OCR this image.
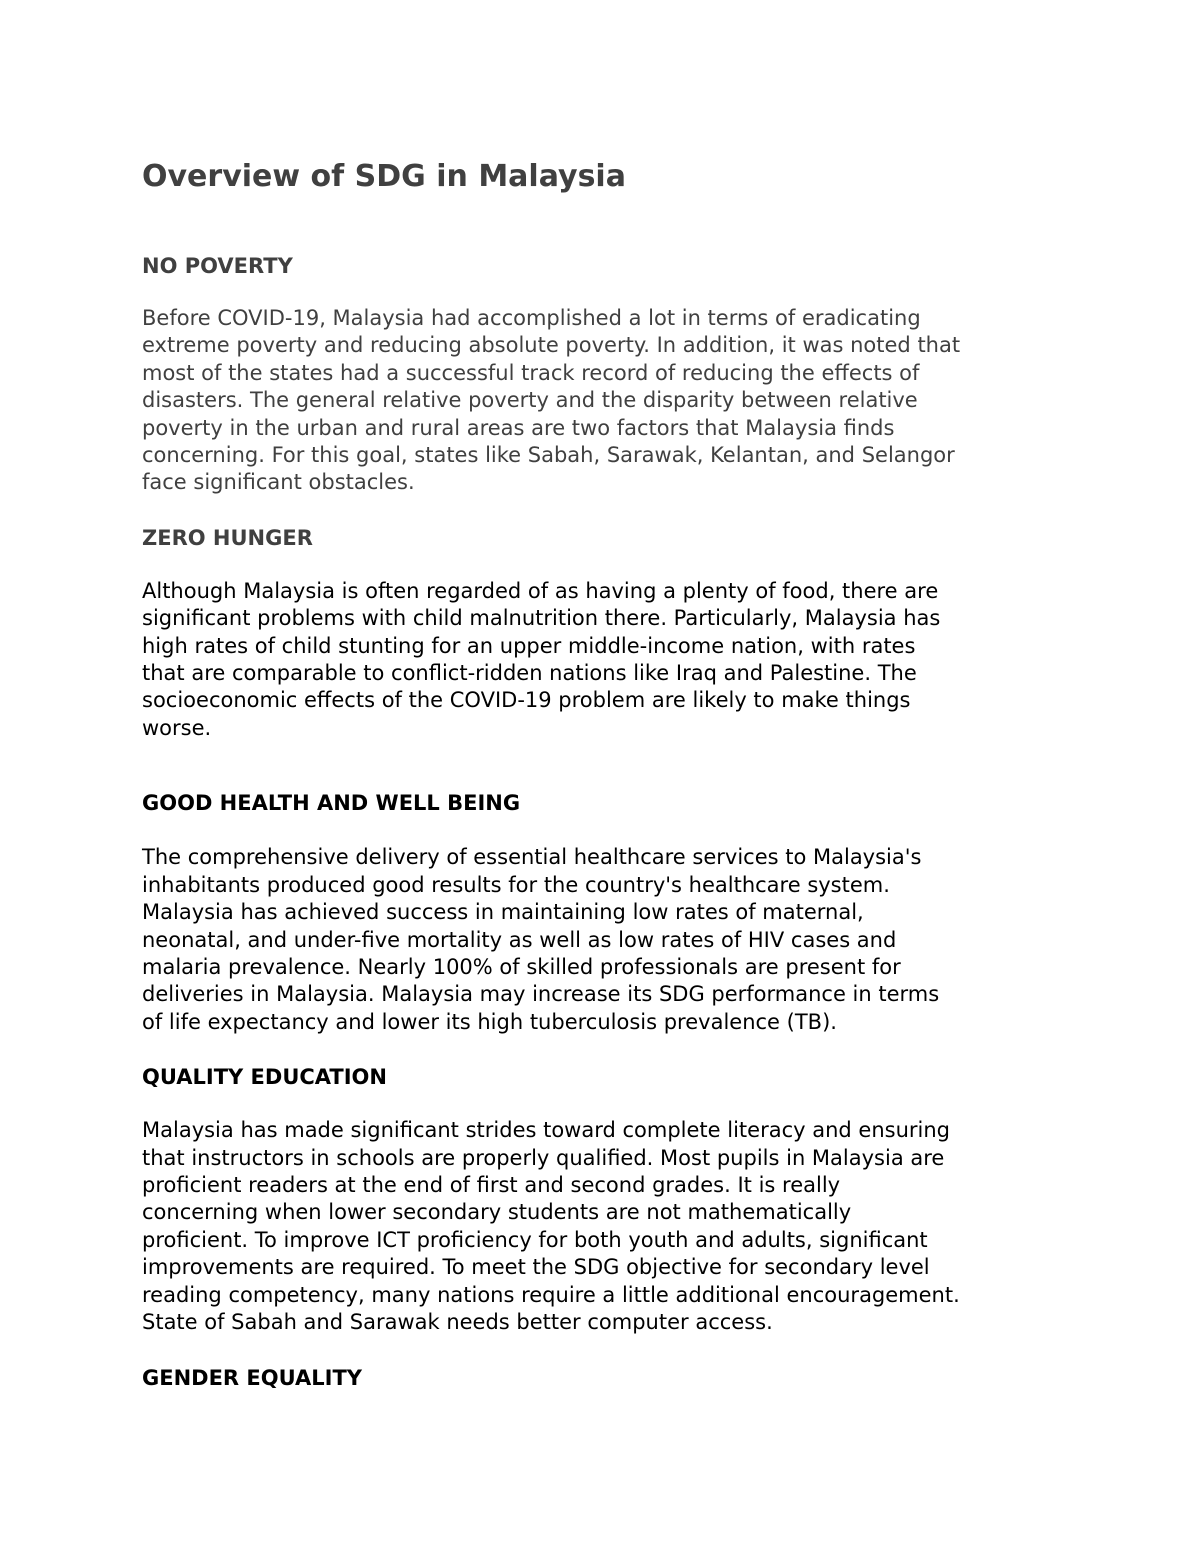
Overview of SDG in Malaysia
NO POVERTY

Before COVID-19, Malaysia had accomplished a lot in terms of eradicating
extreme poverty and reducing absolute poverty. In addition, it was noted that
most of the states had a successful track record of reducing the effects of
disasters. The general relative poverty and the disparity between relative
poverty in the urban and rural areas are two factors that Malaysia finds
concerning. For this goal, states like Sabah, Sarawak, Kelantan, and Selangor
face significant obstacles.

ZERO HUNGER

Although Malaysia is often regarded of as having a plenty of food, there are
significant problems with child malnutrition there. Particularly, Malaysia has
high rates of child stunting for an upper middle-income nation, with rates
that are comparable to conflict-ridden nations like Iraq and Palestine. The
socioeconomic effects of the COVID-19 problem are likely to make things
worse.

GOOD HEALTH AND WELL BEING

The comprehensive delivery of essential healthcare services to Malaysia's
inhabitants produced good results for the country's healthcare system.
Malaysia has achieved success in maintaining low rates of maternal,
neonatal, and under-five mortality as well as low rates of HIV cases and
malaria prevalence. Nearly 100% of skilled professionals are present for
deliveries in Malaysia. Malaysia may increase its SDG performance in terms
of life expectancy and lower its high tuberculosis prevalence (TB).

QUALITY EDUCATION

Malaysia has made significant strides toward complete literacy and ensuring
that instructors in schools are properly qualified. Most pupils in Malaysia are
proficient readers at the end of first and second grades. It is really
concerning when lower secondary students are not mathematically
proficient. To improve ICT proficiency for both youth and adults, significant
improvements are required. To meet the SDG objective for secondary level
reading competency, many nations require a little additional encouragement.
State of Sabah and Sarawak needs better computer access.

GENDER EQUALITY
